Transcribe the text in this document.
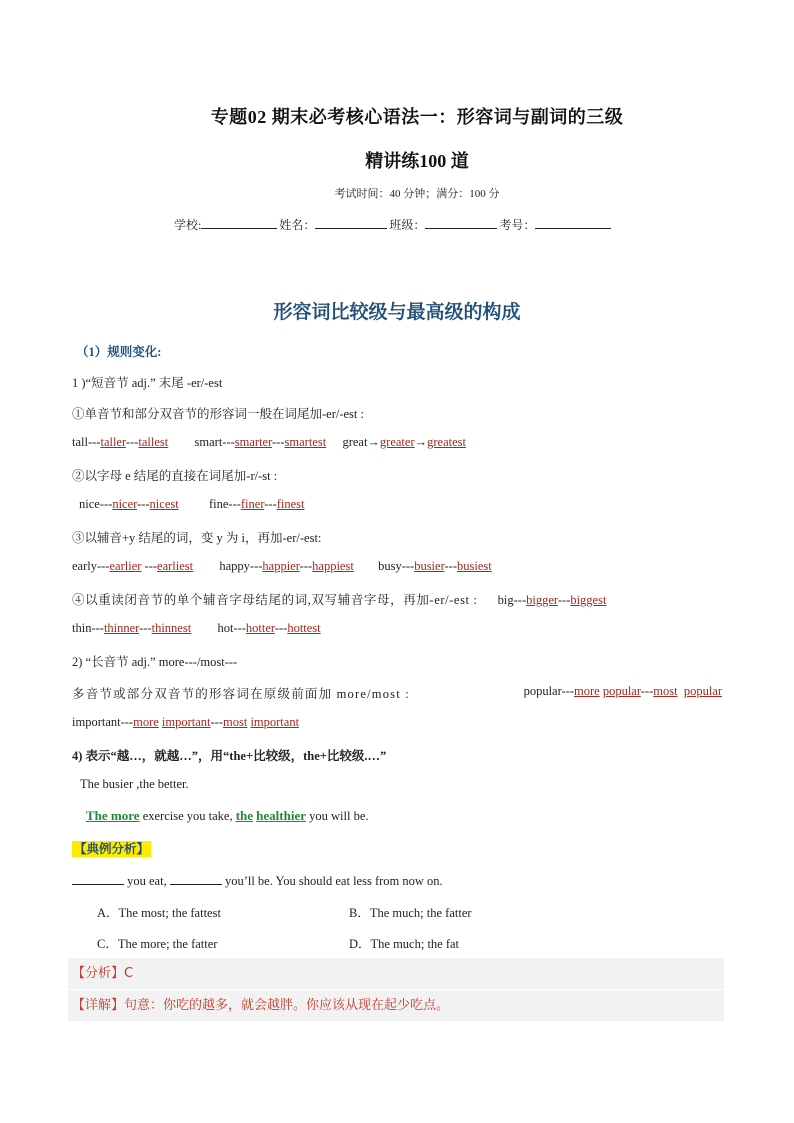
专题02 期末必考核心语法一：形容词与副词的三级
精讲练100 道
考试时间：40 分钟；满分：100 分
学校:	姓名：	班级：	考号：
形容词比较级与最高级的构成
（1）规则变化:
1 )“短音节 adj.” 末尾 -er/-est
①单音节和部分双音节的形容词一般在词尾加-er/-est :
tall---taller---tallest smart---smarter---smartest great→greater→greatest
②以字母 e 结尾的直接在词尾加-r/-st :
nice---nicer---nicest fine---finer---finest
③以辅音+y 结尾的词，变 y 为 i，再加-er/-est:
early---earlier ---earliest happy---happier---happiest busy---busier---busiest
④以重读闭音节的单个辅音字母结尾的词,双写辅音字母，再加-er/-est : big---bigger---biggest
thin---thinner---thinnest hot---hotter---hottest
2) “长音节 adj.” more---/most---
多音节或部分双音节的形容词在原级前面加 more/most :	popular---more popular---most popular
important---more important---most important
4) 表示“越…，就越…”，用“the+比较级，the+比较级.…”
The busier ,the better.
The more exercise you take, the healthier you will be.
【典例分析】
you eat,	you’ll be. You should eat less from now on.
A．The most; the fattest	B．The much; the fatter
C．The more; the fatter	D．The much; the fat
【分析】C
【详解】句意：你吃的越多，就会越胖。你应该从现在起少吃点。
